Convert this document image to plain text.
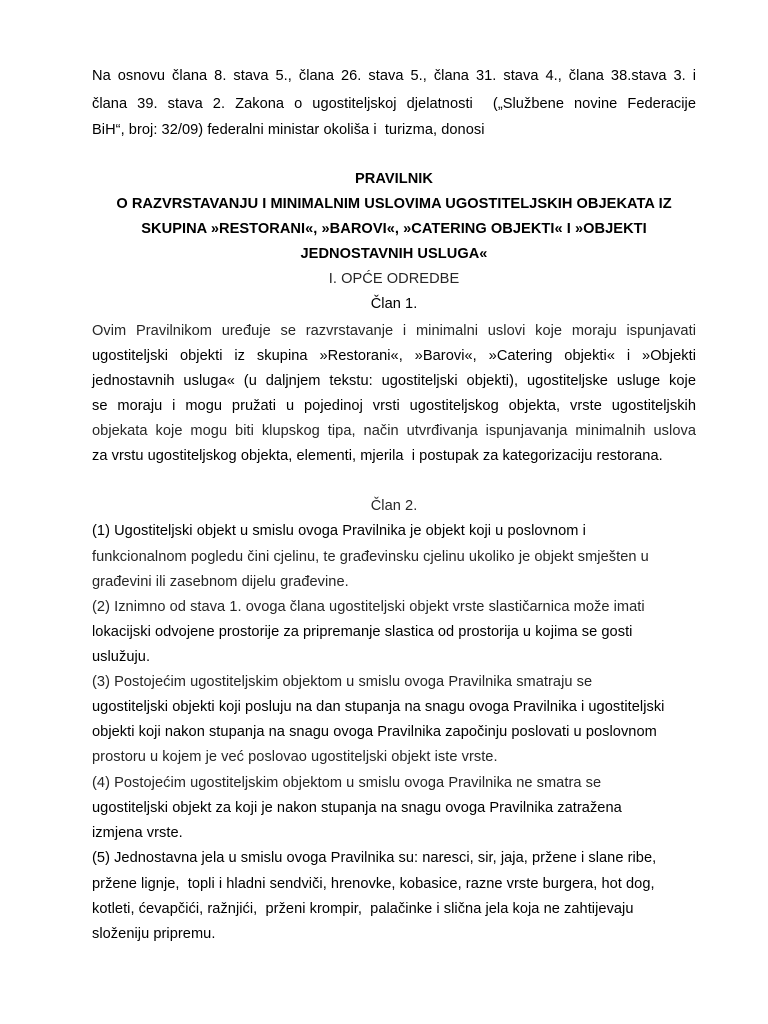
Na osnovu člana 8. stava 5., člana 26. stava 5., člana 31. stava 4., člana 38.stava 3. i
člana 39. stava 2. Zakona o ugostiteljskoj djelatnosti  („Službene novine Federacije
BiH“, broj: 32/09) federalni ministar okoliša i  turizma, donosi
PRAVILNIK
O RAZVRSTAVANJU I MINIMALNIM USLOVIMA UGOSTITELJSKIH OBJEKATA IZ
SKUPINA »RESTORANI«, »BAROVI«, »CATERING OBJEKTI« I »OBJEKTI
JEDNOSTAVNIH USLUGA«
I. OPĆE ODREDBE
Član 1.
Ovim Pravilnikom uređuje se razvrstavanje i minimalni uslovi koje moraju ispunjavati
ugostiteljski objekti iz skupina »Restorani«, »Barovi«, »Catering objekti« i »Objekti
jednostavnih usluga« (u daljnjem tekstu: ugostiteljski objekti), ugostiteljske usluge koje
se moraju i mogu pružati u pojedinoj vrsti ugostiteljskog objekta, vrste ugostiteljskih
objekata koje mogu biti klupskog tipa, način utvrđivanja ispunjavanja minimalnih uslova
za vrstu ugostiteljskog objekta, elementi, mjerila  i postupak za kategorizaciju restorana.
Član 2.
(1) Ugostiteljski objekt u smislu ovoga Pravilnika je objekt koji u poslovnom i
funkcionalnom pogledu čini cjelinu, te građevinsku cjelinu ukoliko je objekt smješten u
građevini ili zasebnom dijelu građevine.
(2) Iznimno od stava 1. ovoga člana ugostiteljski objekt vrste slastičarnica može imati
lokacijski odvojene prostorije za pripremanje slastica od prostorija u kojima se gosti
uslužuju.
(3) Postojećim ugostiteljskim objektom u smislu ovoga Pravilnika smatraju se
ugostiteljski objekti koji posluju na dan stupanja na snagu ovoga Pravilnika i ugostiteljski
objekti koji nakon stupanja na snagu ovoga Pravilnika započinju poslovati u poslovnom
prostoru u kojem je već poslovao ugostiteljski objekt iste vrste.
(4) Postojećim ugostiteljskim objektom u smislu ovoga Pravilnika ne smatra se
ugostiteljski objekt za koji je nakon stupanja na snagu ovoga Pravilnika zatražena
izmjena vrste.
(5) Jednostavna jela u smislu ovoga Pravilnika su: naresci, sir, jaja, pržene i slane ribe,
pržene lignje,  topli i hladni sendviči, hrenovke, kobasice, razne vrste burgera, hot dog,
kotleti, ćevapčići, ražnjići,  prženi krompir,  palačinke i slična jela koja ne zahtijevaju
složeniju pripremu.
